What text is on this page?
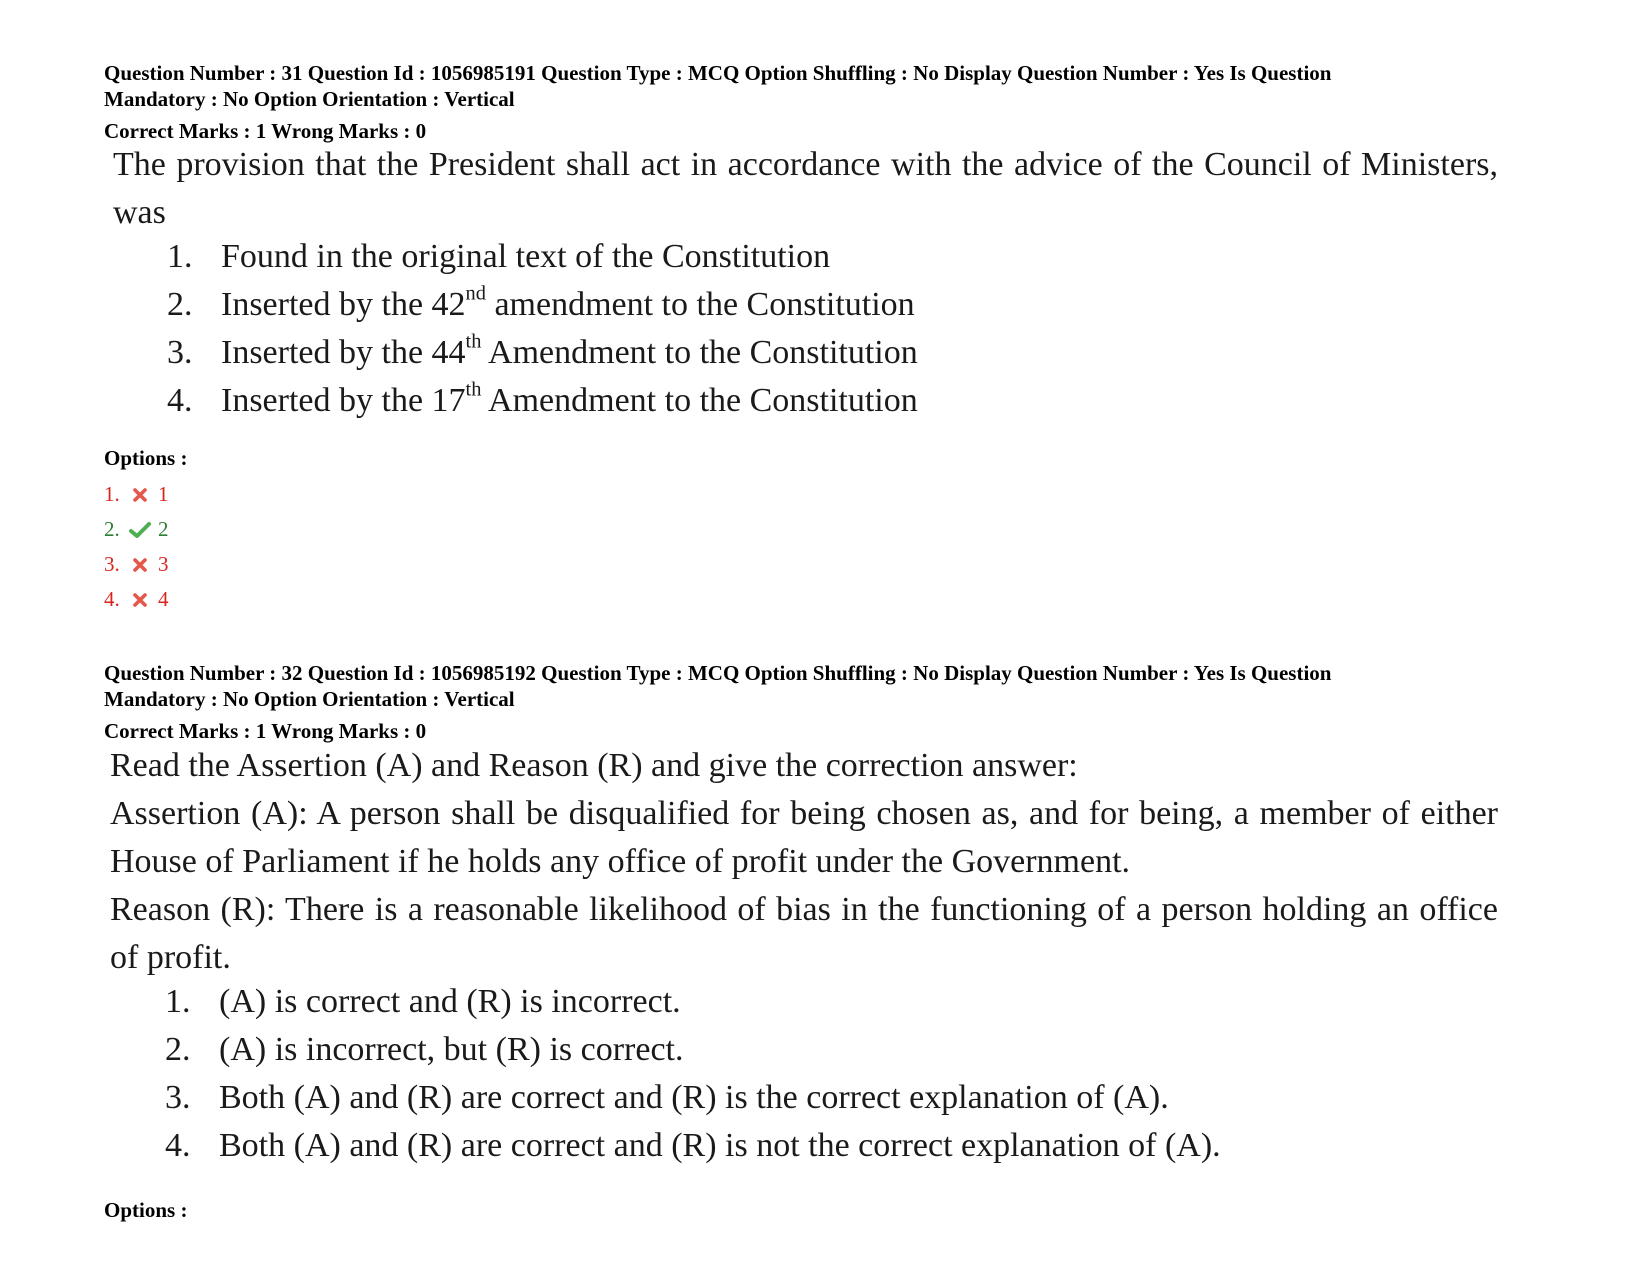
Question Number : 31 Question Id : 1056985191 Question Type : MCQ Option Shuffling : No Display Question Number : Yes Is Question
Mandatory : No Option Orientation : Vertical
Correct Marks : 1 Wrong Marks : 0

The provision that the President shall act in accordance with the advice of the Council of Ministers, was

1. Found in the original text of the Constitution
2. Inserted by the 42nd amendment to the Constitution
3. Inserted by the 44th Amendment to the Constitution
4. Inserted by the 17th Amendment to the Constitution
Options :
1.	1
2.	2
3.	3
4.	4
Question Number : 32 Question Id : 1056985192 Question Type : MCQ Option Shuffling : No Display Question Number : Yes Is Question
Mandatory : No Option Orientation : Vertical
Correct Marks : 1 Wrong Marks : 0

Read the Assertion (A) and Reason (R) and give the correction answer:

Assertion (A): A person shall be disqualified for being chosen as, and for being, a member of either House of Parliament if he holds any office of profit under the Government.

Reason (R): There is a reasonable likelihood of bias in the functioning of a person holding an office of profit.

1. (A) is correct and (R) is incorrect.
2. (A) is incorrect, but (R) is correct.
3. Both (A) and (R) are correct and (R) is the correct explanation of (A).
4. Both (A) and (R) are correct and (R) is not the correct explanation of (A).
Options :
